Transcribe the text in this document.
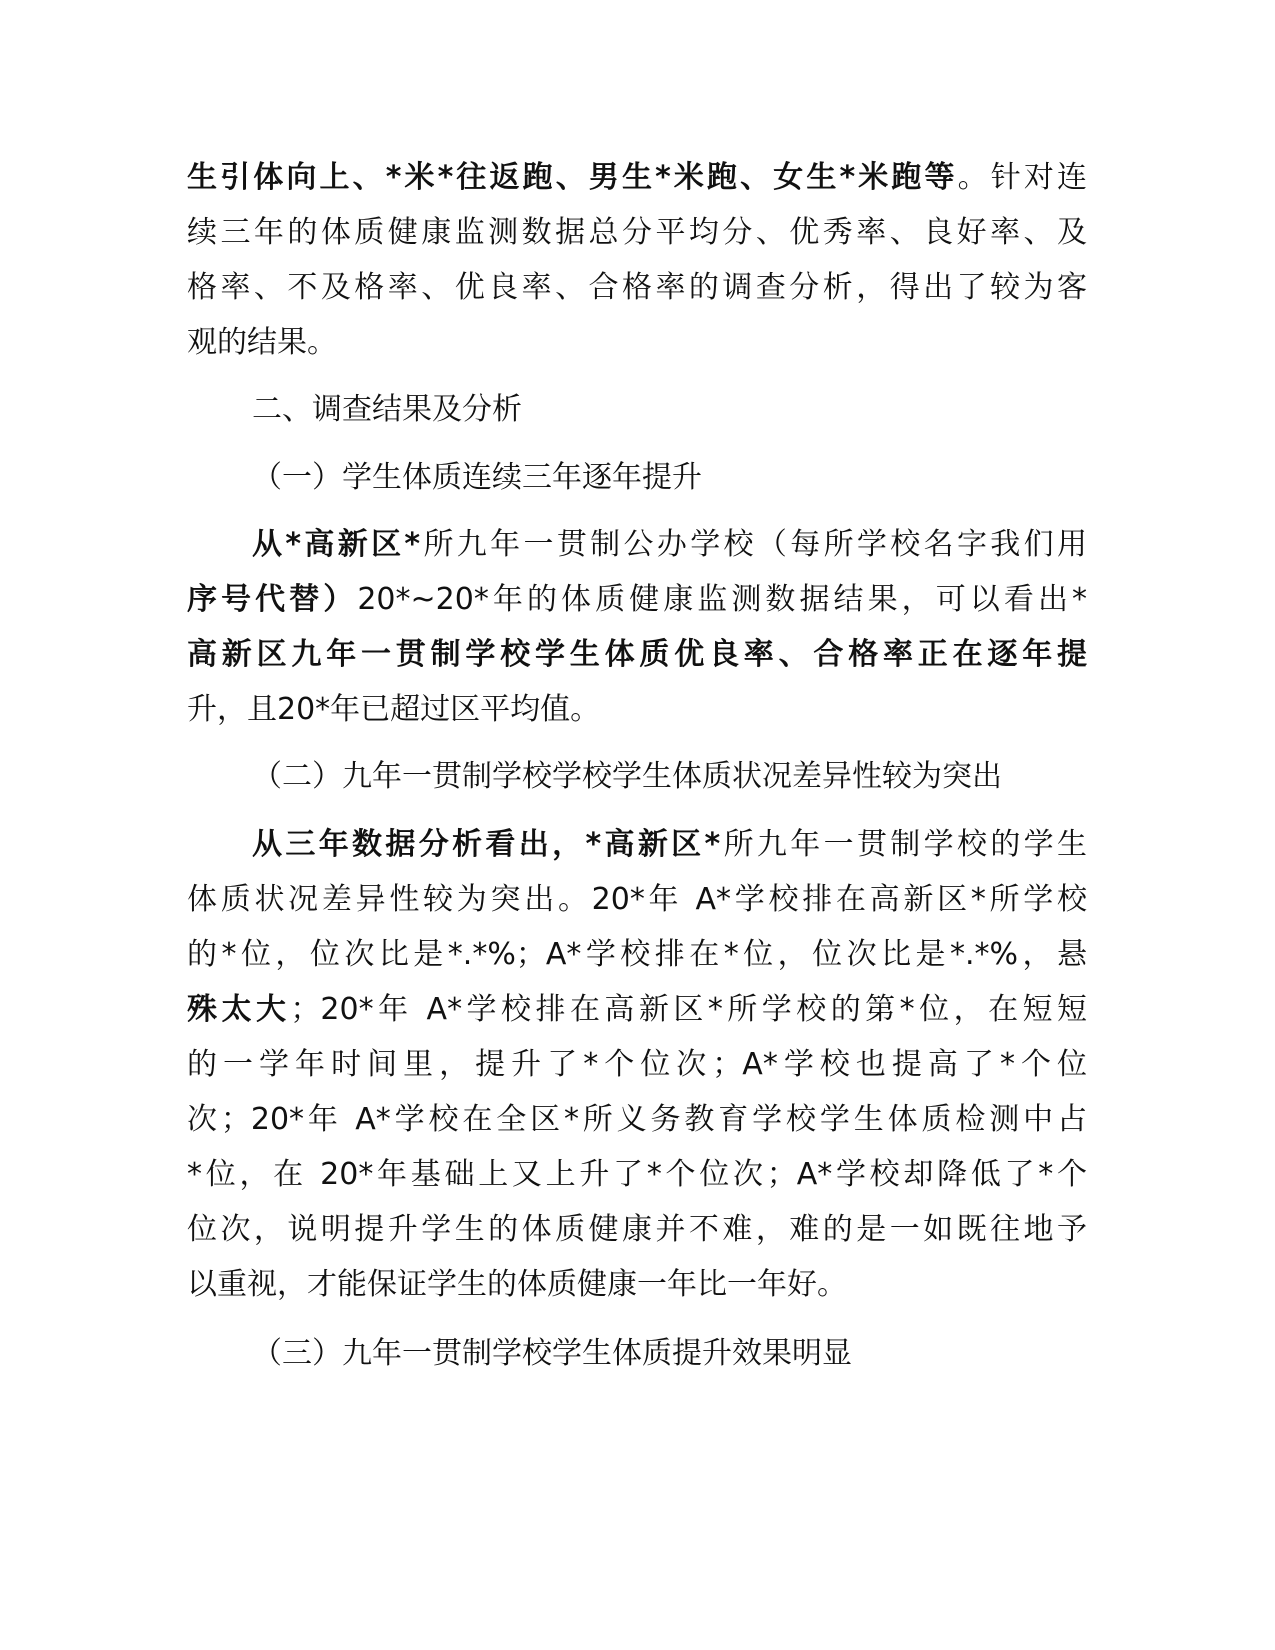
生引体向上、*米*往返跑、男生*米跑、女生*米跑等。针对连
续三年的体质健康监测数据总分平均分、优秀率、良好率、及
格率、不及格率、优良率、合格率的调查分析，得出了较为客
观的结果。
二、调查结果及分析
（一）学生体质连续三年逐年提升
从*高新区*所九年一贯制公办学校（每所学校名字我们用
序号代替）20*~20*年的体质健康监测数据结果，可以看出*
高新区九年一贯制学校学生体质优良率、合格率正在逐年提
升，且20*年已超过区平均值。
（二）九年一贯制学校学校学生体质状况差异性较为突出
从三年数据分析看出，*高新区*所九年一贯制学校的学生
体质状况差异性较为突出。20*年 A*学校排在高新区*所学校
的*位，位次比是*.*%；A*学校排在*位，位次比是*.*%，悬
殊太大；20*年 A*学校排在高新区*所学校的第*位，在短短
的一学年时间里，提升了*个位次；A*学校也提高了*个位
次；20*年 A*学校在全区*所义务教育学校学生体质检测中占
*位，在 20*年基础上又上升了*个位次；A*学校却降低了*个
位次，说明提升学生的体质健康并不难，难的是一如既往地予
以重视，才能保证学生的体质健康一年比一年好。
（三）九年一贯制学校学生体质提升效果明显
